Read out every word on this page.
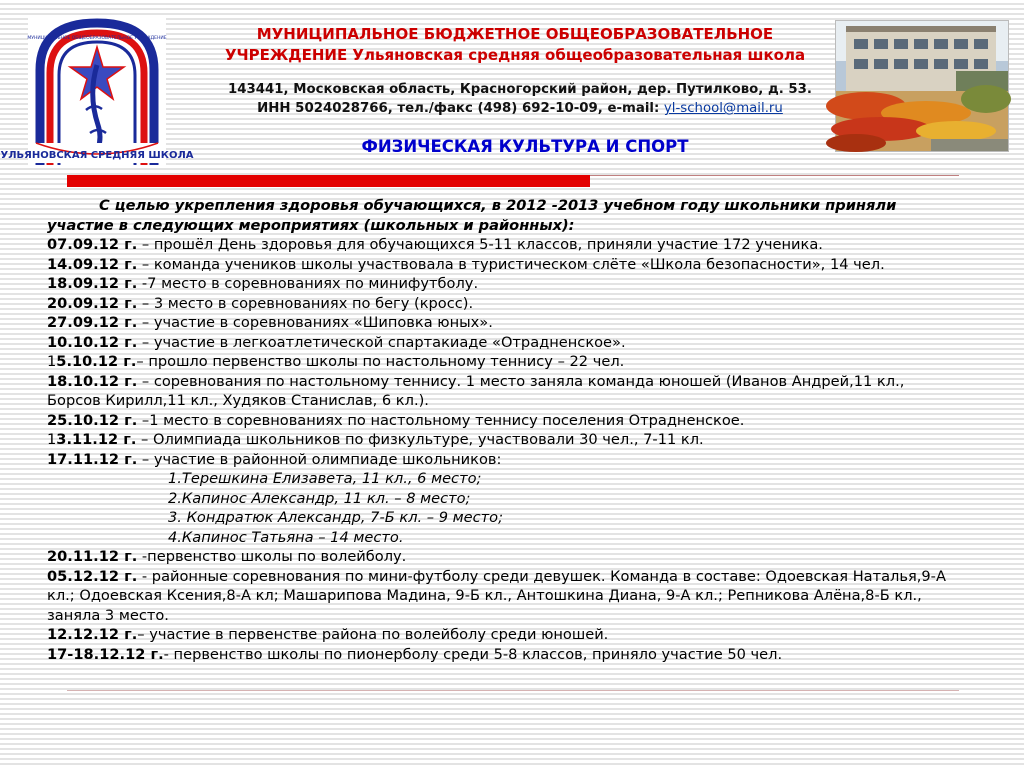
УЛЬЯНОВСКАЯ СРЕДНЯЯ ШКОЛА
МУНИЦИПАЛЬНОЕ ОБЩЕОБРАЗОВАТЕЛЬНОЕ УЧРЕЖДЕНИЕ	МУНИЦИПАЛЬНОЕ БЮДЖЕТНОЕ ОБЩЕОБРАЗОВАТЕЛЬНОЕ
УЧРЕЖДЕНИЕ Ульяновская средняя общеобразовательная школа
143441, Московская область, Красногорский район, дер. Путилково, д. 53.
ИНН 5024028766, тел./факс (498) 692-10-09, e-mail: yl-school@mail.ru
ФИЗИЧЕСКАЯ КУЛЬТУРА И СПОРТ

С целью укрепления здоровья обучающихся, в 2012 -2013 учебном году школьники приняли участие в следующих мероприятиях (школьных и районных):

07.09.12 г. – прошёл День здоровья для обучающихся 5-11 классов, приняли участие 172 ученика.

14.09.12 г. – команда учеников школы участвовала в туристическом слёте «Школа безопасности», 14 чел.

18.09.12 г. -7 место в соревнованиях по минифутболу.

20.09.12 г. – 3 место в соревнованиях по бегу (кросс).

27.09.12 г. – участие в соревнованиях «Шиповка юных».

10.10.12 г. – участие в легкоатлетической спартакиаде «Отрадненское».

15.10.12 г.– прошло первенство школы по настольному теннису – 22 чел.

18.10.12 г. – соревнования по настольному теннису. 1 место заняла команда юношей (Иванов Андрей,11 кл., Борсов Кирилл,11 кл., Худяков Станислав, 6 кл.).

25.10.12 г. –1 место в соревнованиях по настольному теннису поселения Отрадненское.

13.11.12 г. – Олимпиада школьников по физкультуре, участвовали 30 чел., 7-11 кл.

17.11.12 г. – участие в районной олимпиаде школьников:

1.Терешкина Елизавета, 11 кл., 6 место;

2.Капинос Александр, 11 кл. – 8 место;

3. Кондратюк Александр, 7-Б кл. – 9 место;

4.Капинос Татьяна – 14 место.

20.11.12 г. -первенство школы по волейболу.

05.12.12 г. - районные соревнования по мини-футболу среди девушек. Команда в составе: Одоевская Наталья,9-А кл.; Одоевская Ксения,8-А кл; Машарипова Мадина, 9-Б кл., Антошкина Диана, 9-А кл.; Репникова Алёна,8-Б кл., заняла 3 место.

12.12.12 г.– участие в первенстве района по волейболу среди юношей.

17-18.12.12 г.- первенство школы по пионерболу среди 5-8 классов, приняло участие 50 чел.
